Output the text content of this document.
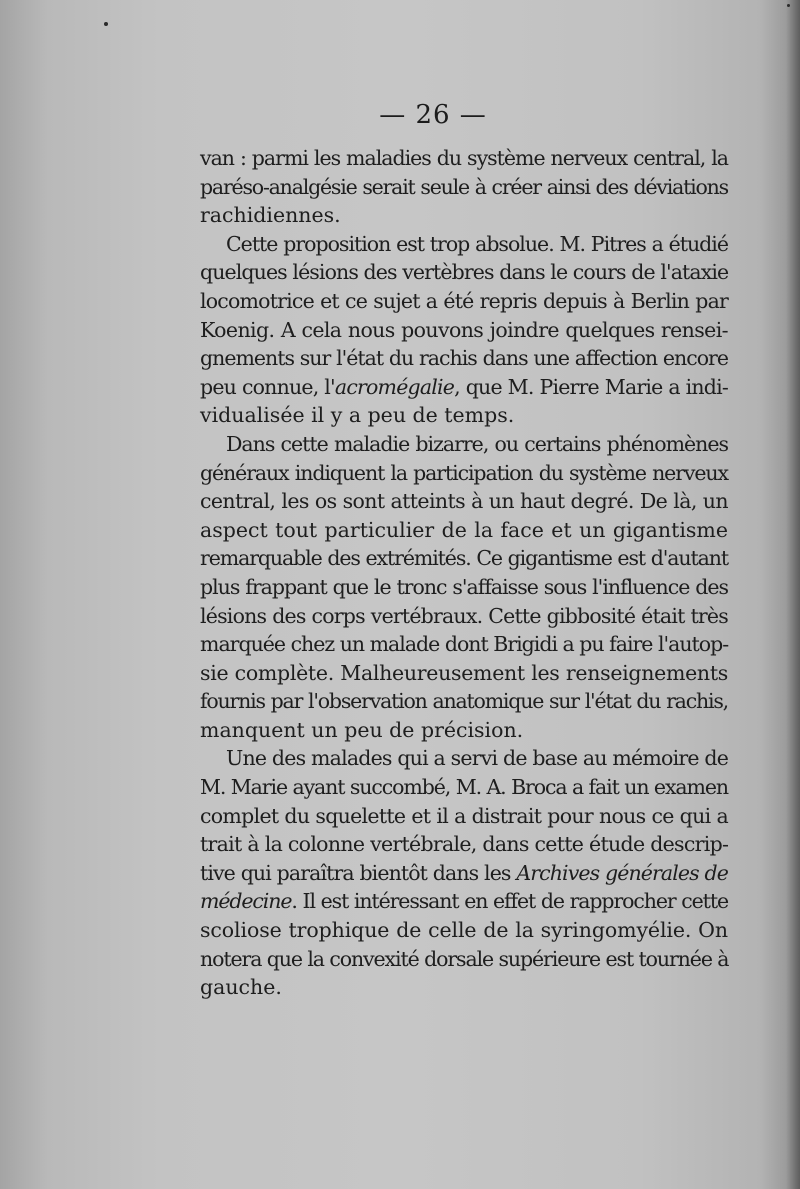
— 26 —
van : parmi les maladies du système nerveux central, la
paréso-analgésie serait seule à créer ainsi des déviations
rachidiennes.
Cette proposition est trop absolue. M. Pitres a étudié
quelques lésions des vertèbres dans le cours de l'ataxie
locomotrice et ce sujet a été repris depuis à Berlin par
Koenig. A cela nous pouvons joindre quelques rensei-
gnements sur l'état du rachis dans une affection encore
peu connue, l'acromégalie, que M. Pierre Marie a indi-
vidualisée il y a peu de temps.
Dans cette maladie bizarre, ou certains phénomènes
généraux indiquent la participation du système nerveux
central, les os sont atteints à un haut degré. De là, un
aspect tout particulier de la face et un gigantisme
remarquable des extrémités. Ce gigantisme est d'autant
plus frappant que le tronc s'affaisse sous l'influence des
lésions des corps vertébraux. Cette gibbosité était très
marquée chez un malade dont Brigidi a pu faire l'autop-
sie complète. Malheureusement les renseignements
fournis par l'observation anatomique sur l'état du rachis,
manquent un peu de précision.
Une des malades qui a servi de base au mémoire de
M. Marie ayant succombé, M. A. Broca a fait un examen
complet du squelette et il a distrait pour nous ce qui a
trait à la colonne vertébrale, dans cette étude descrip-
tive qui paraîtra bientôt dans les Archives générales de
médecine. Il est intéressant en effet de rapprocher cette
scoliose trophique de celle de la syringomyélie. On
notera que la convexité dorsale supérieure est tournée à
gauche.
